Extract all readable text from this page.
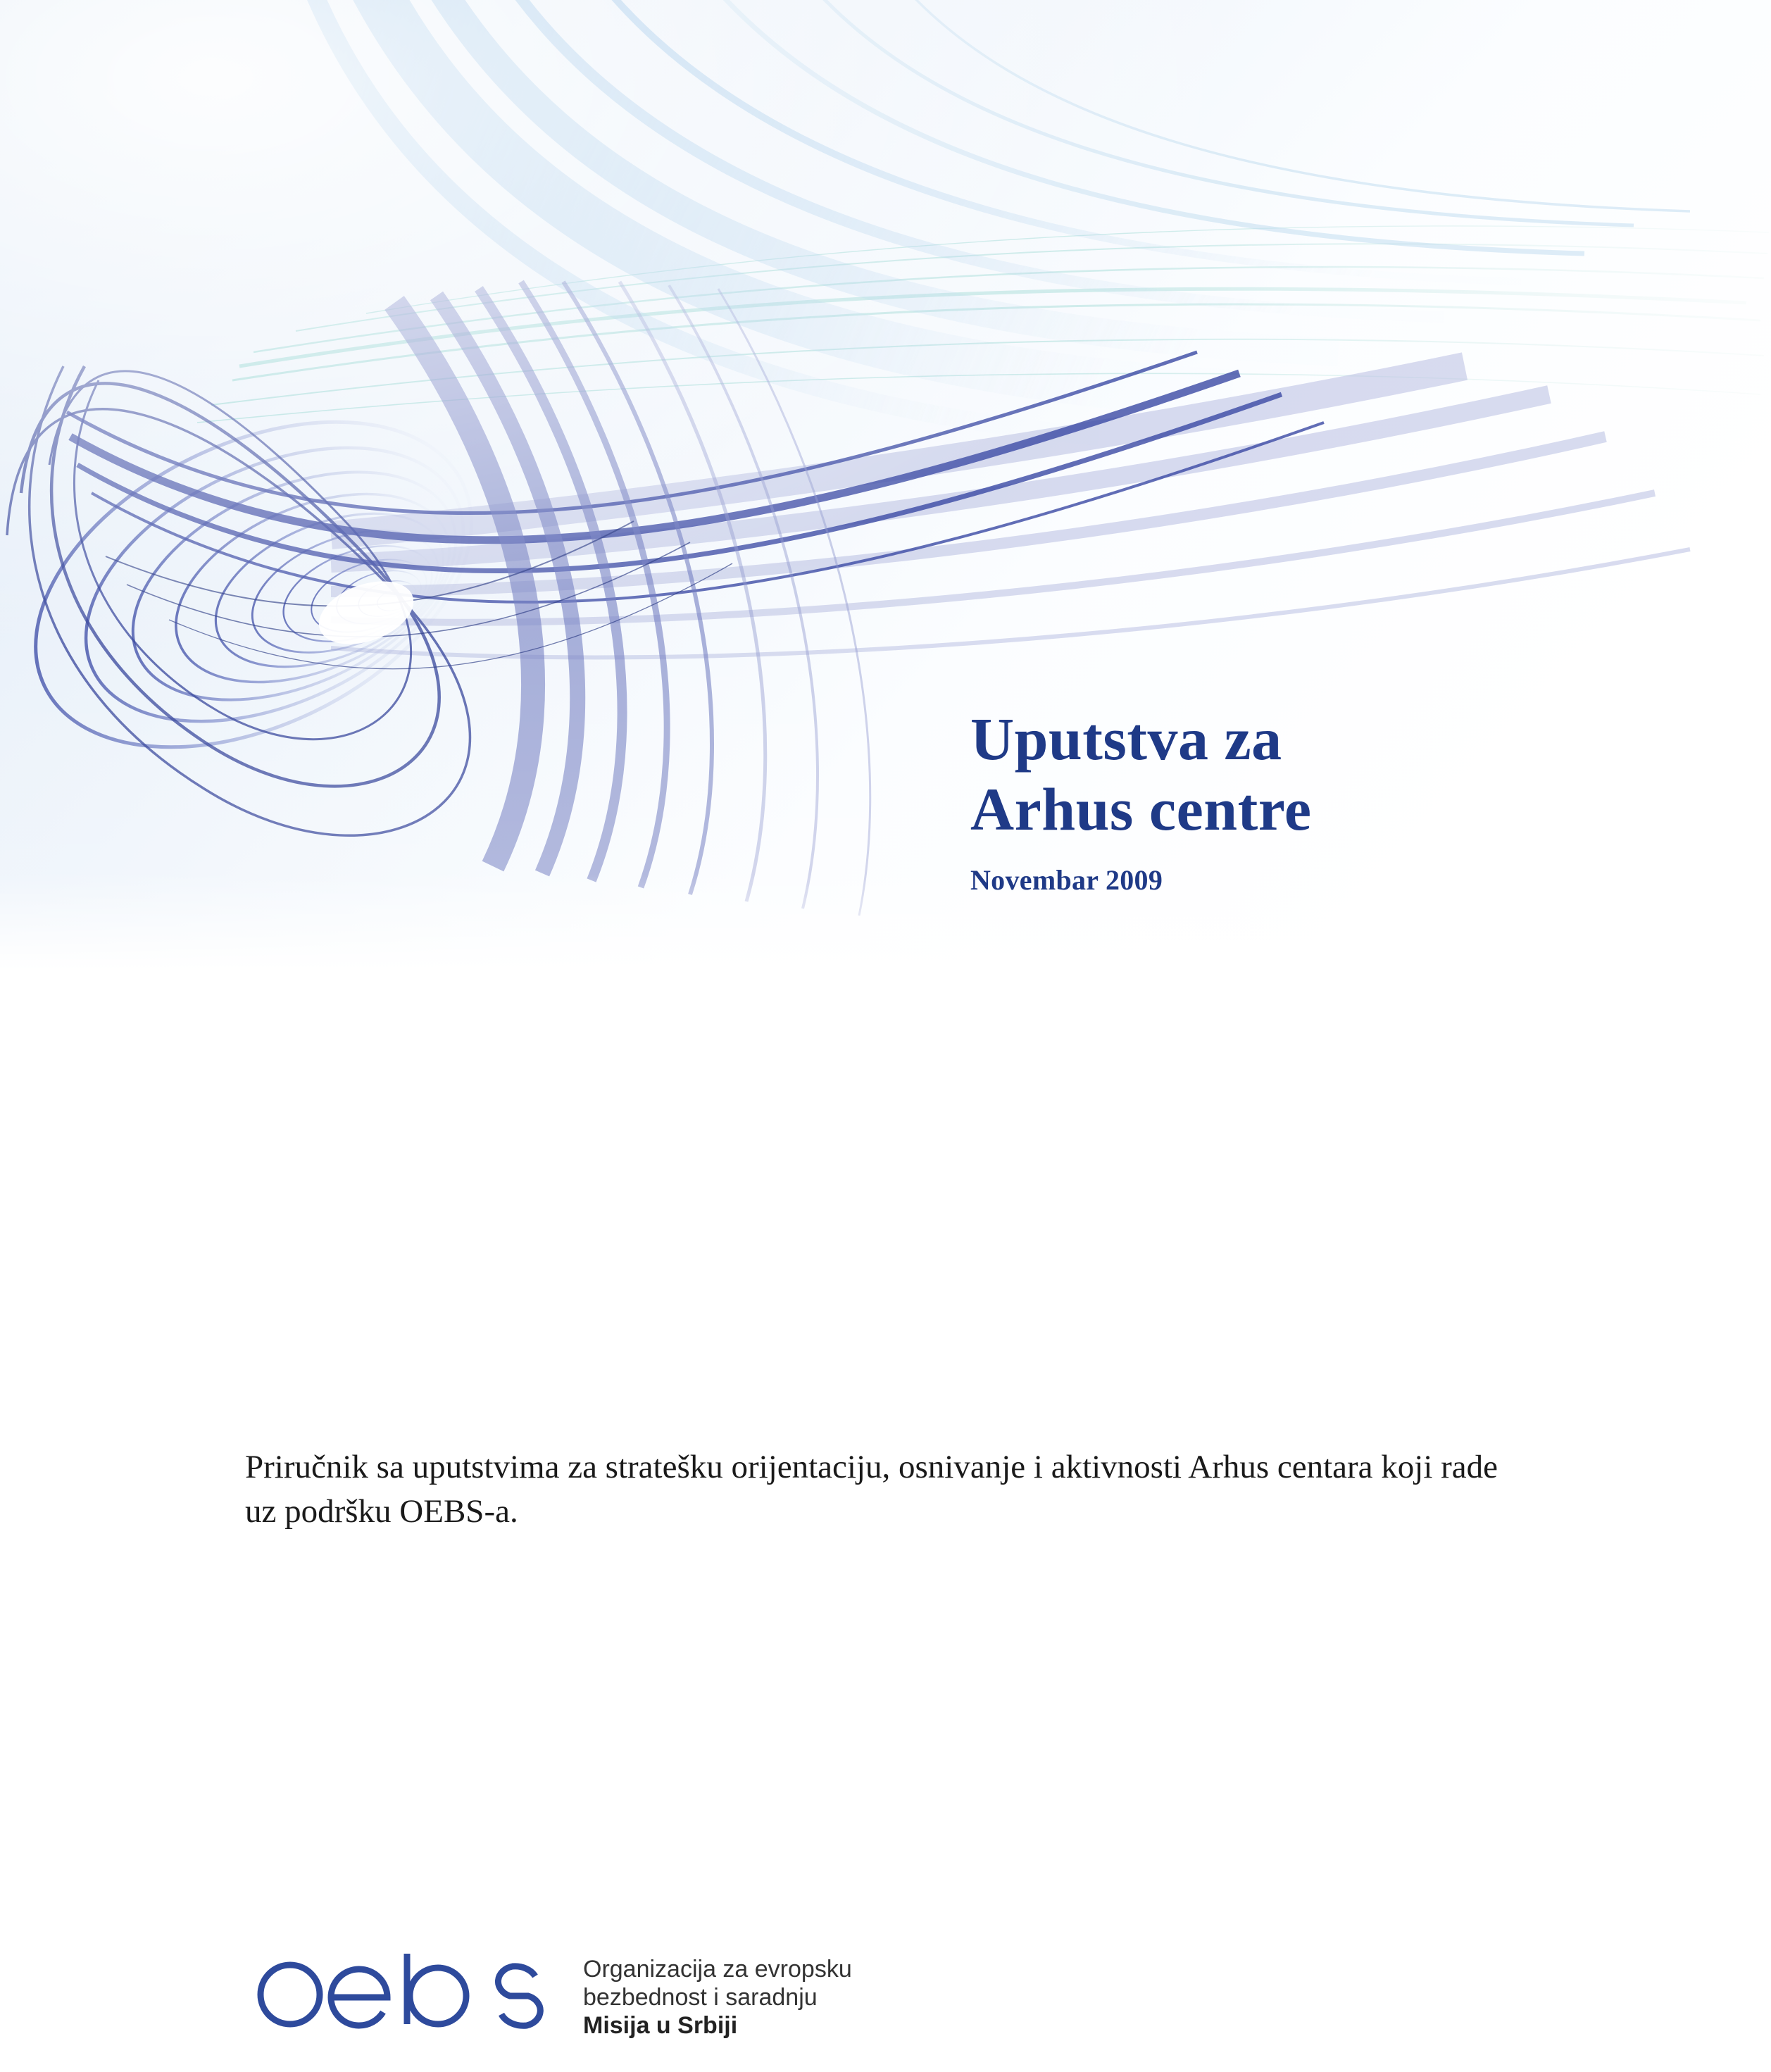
Uputstva za
Arhus centre
Novembar 2009
Priručnik sa uputstvima za stratešku orijentaciju, osnivanje i aktivnosti Arhus centara koji rade uz podršku OEBS-a.
Organizacija za evropsku
bezbednost i saradnju
Misija u Srbiji
